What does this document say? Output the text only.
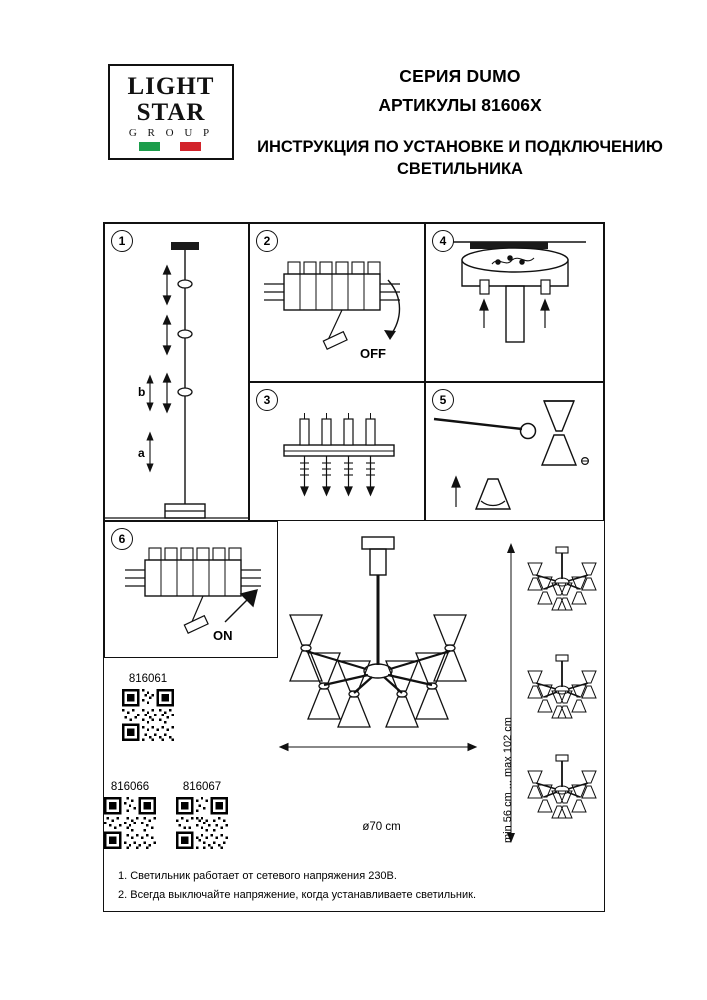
LIGHT
STAR
G R O U P
СЕРИЯ DUMO
АРТИКУЛЫ 81606X
ИНСТРУКЦИЯ ПО УСТАНОВКЕ И ПОДКЛЮЧЕНИЮ СВЕТИЛЬНИКА
1
b
a
2
OFF
3
4
5
6
ON
816061
816066	816067
ø70 cm	min 56 cm ... max 102 cm
1. Светильник работает от сетевого напряжения 230В.
2. Всегда выключайте напряжение, когда устанавливаете светильник.
